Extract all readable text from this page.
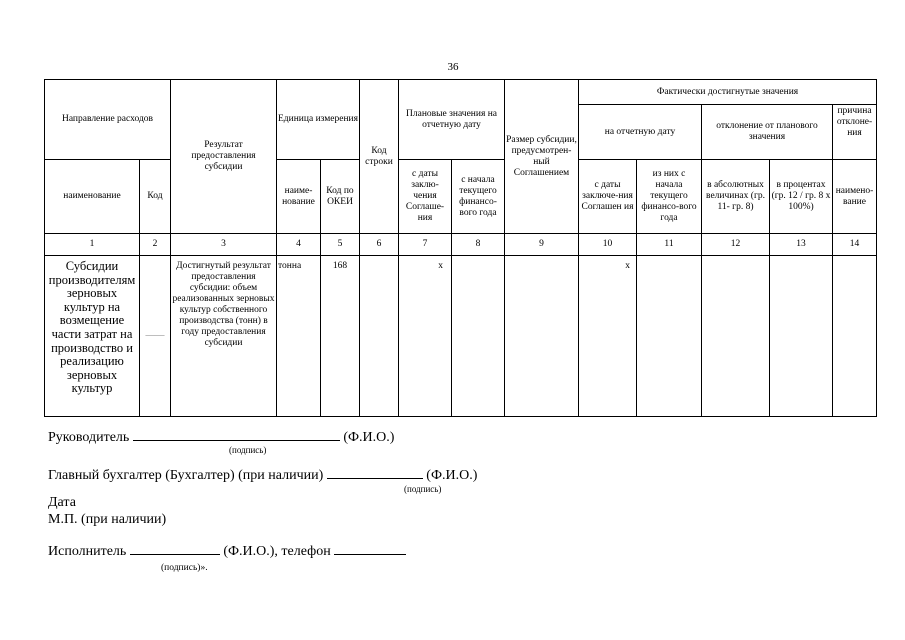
36
Направление расходов		Результат предоставления субсидии	Единица измерения		Код строки	Плановые значения на отчетную дату		Размер субсидии, предусмотрен-ный Соглашением	Фактически достигнутые значения				
									на отчетную дату		отклонение от планового значения		причина отклоне-ния
наименование	Код		наиме-нование	Код по ОКЕИ		с даты заклю-чения Соглаше-ния	с начала текущего финансо-вого года		с даты заключе-ния Соглашен ия	из них с начала текущего финансо-вого года	в абсолютных величинах (гр. 11- гр. 8)	в процентах (гр. 12 / гр. 8 х 100%)	наимено-вание
1	2	3	4	5	6	7	8	9	10	11	12	13	14
Субсидии производителям зерновых культур на возмещение части затрат на производство и реализацию зерновых культур	——	Достигнутый результат предоставления субсидии: объем реализованных зерновых культур собственного производства (тонн) в году предоставления субсидии	тонна	168		x			x				
Руководитель	(Ф.И.О.)
(подпись)
Главный бухгалтер (Бухгалтер) (при наличии)	(Ф.И.О.)
(подпись)
Дата
М.П. (при наличии)
Исполнитель	(Ф.И.О.), телефон
(подпись)».
